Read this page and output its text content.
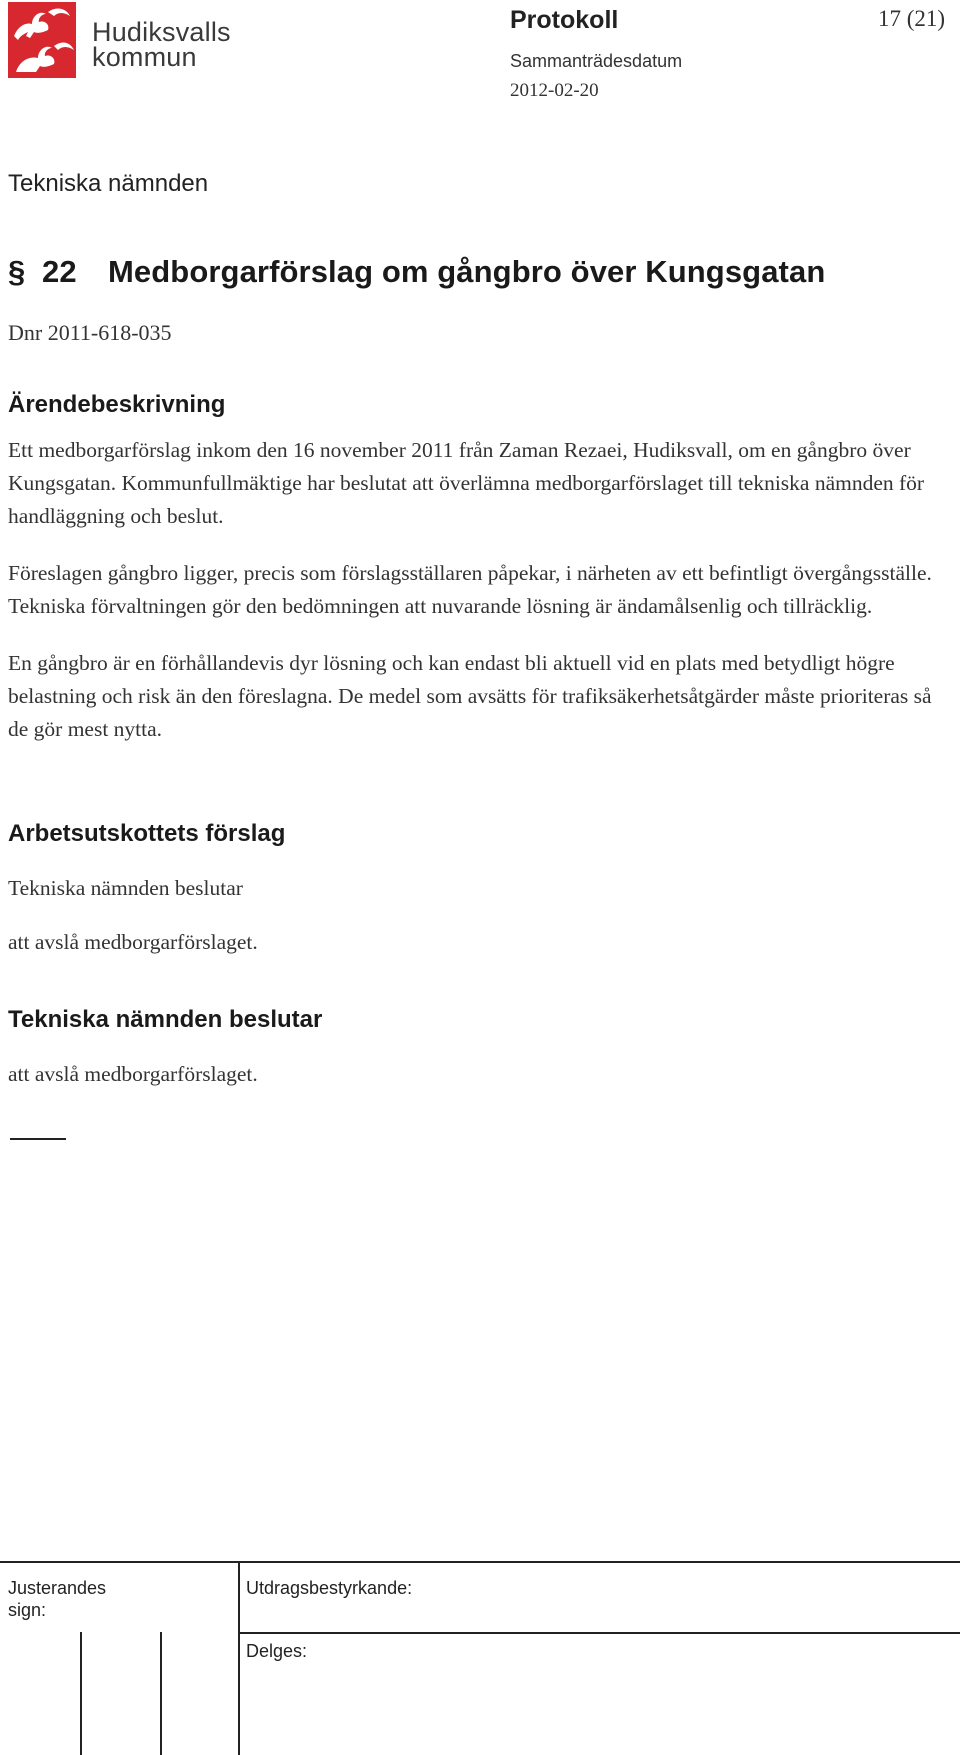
Hudiksvalls
kommun
Protokoll	17 (21)
Sammanträdesdatum
2012-02-20
Tekniska nämnden
§ 22 Medborgarförslag om gångbro över Kungsgatan
Dnr 2011-618-035
Ärendebeskrivning

Ett medborgarförslag inkom den 16 november 2011 från Zaman Rezaei, Hudiksvall, om en gångbro över Kungsgatan. Kommunfullmäktige har beslutat att överlämna medborgarförslaget till tekniska nämnden för handläggning och beslut.

Föreslagen gångbro ligger, precis som förslagsställaren påpekar, i närheten av ett befintligt övergångsställe. Tekniska förvaltningen gör den bedömningen att nuvarande lösning är ändamålsenlig och tillräcklig.

En gångbro är en förhållandevis dyr lösning och kan endast bli aktuell vid en plats med betydligt högre belastning och risk än den föreslagna. De medel som avsätts för trafiksäkerhetsåtgärder måste prioriteras så de gör mest nytta.

Arbetsutskottets förslag
Tekniska nämnden beslutar
att avslå medborgarförslaget.
Tekniska nämnden beslutar
att avslå medborgarförslaget.
Justerandes
sign:
Utdragsbestyrkande:
Delges:
